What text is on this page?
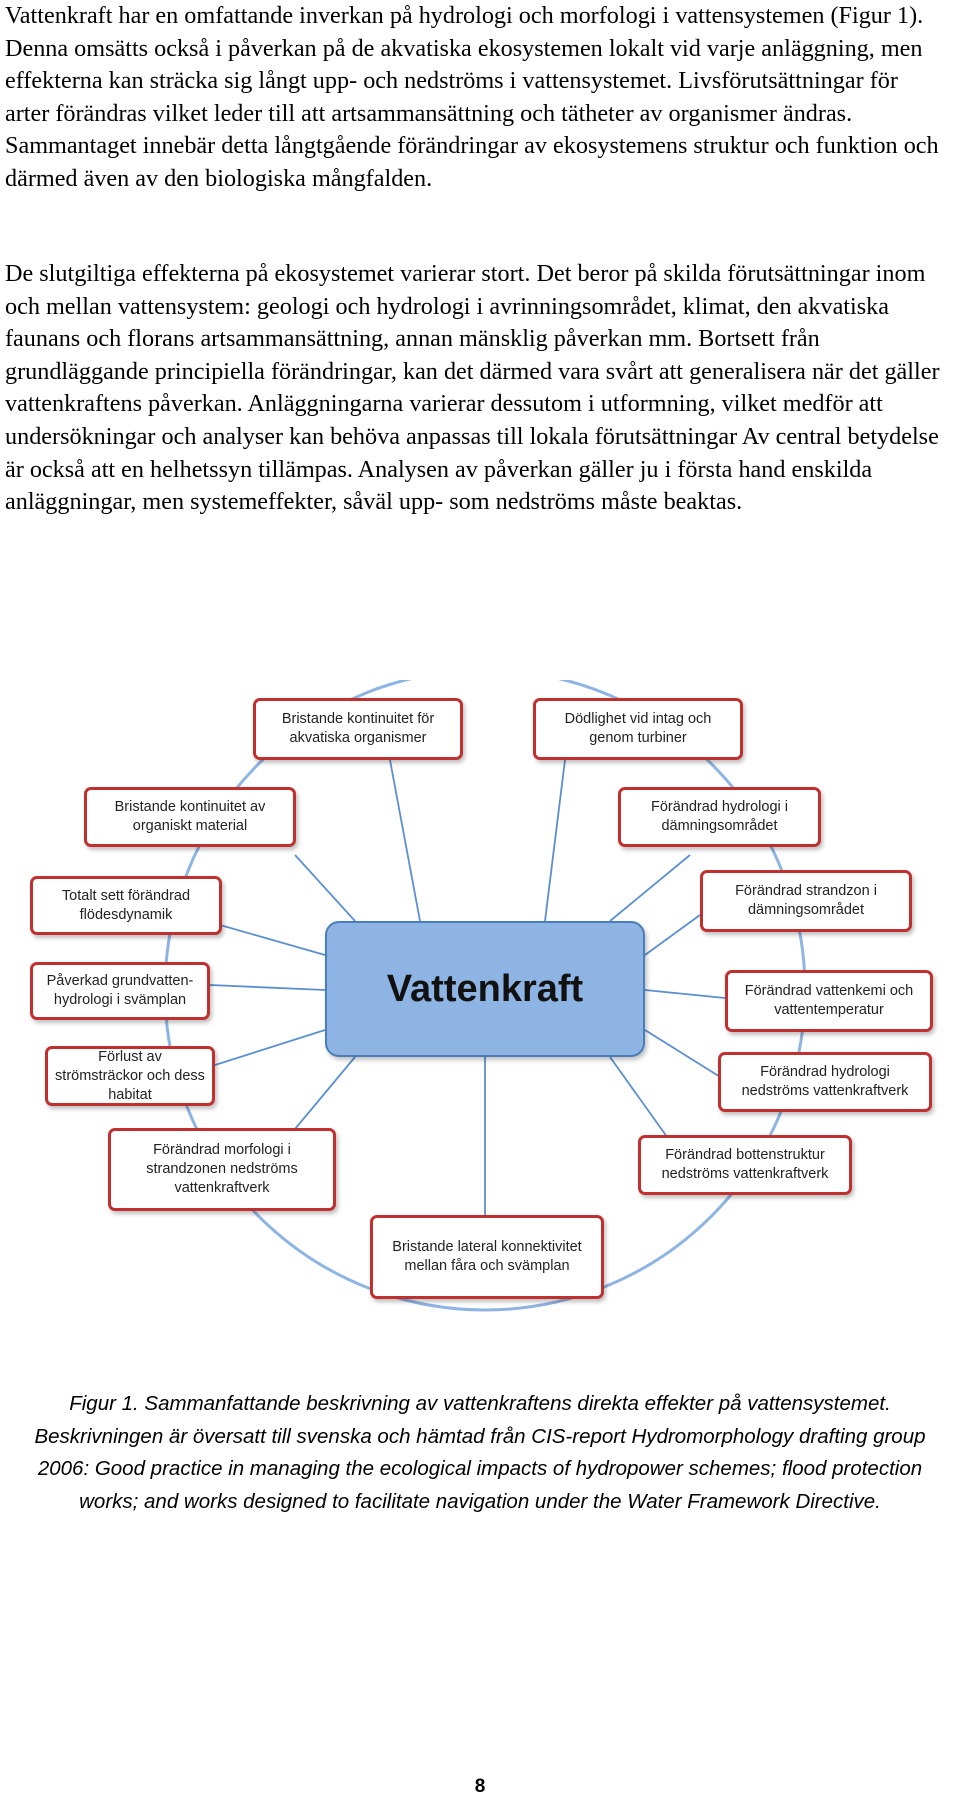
Vattenkraft har en omfattande inverkan på hydrologi och morfologi i vattensystemen (Figur 1). Denna omsätts också i påverkan på de akvatiska ekosystemen lokalt vid varje anläggning, men effekterna kan sträcka sig långt upp- och nedströms i vattensystemet. Livsförutsättningar för arter förändras vilket leder till att artsammansättning och tätheter av organismer ändras. Sammantaget innebär detta långtgående förändringar av ekosystemens struktur och funktion och därmed även av den biologiska mångfalden.

De slutgiltiga effekterna på ekosystemet varierar stort. Det beror på skilda förutsättningar inom och mellan vattensystem: geologi och hydrologi i avrinningsområdet, klimat, den akvatiska faunans och florans artsammansättning, annan mänsklig påverkan mm. Bortsett från grundläggande principiella förändringar, kan det därmed vara svårt att generalisera när det gäller vattenkraftens påverkan. Anläggningarna varierar dessutom i utformning, vilket medför att undersökningar och analyser kan behöva anpassas till lokala förutsättningar Av central betydelse är också att en helhetssyn tillämpas. Analysen av påverkan gäller ju i första hand enskilda anläggningar, men systemeffekter, såväl upp- som nedströms måste beaktas.

Bristande kontinuitet för akvatiska organismer
Dödlighet vid intag och genom turbiner
Bristande kontinuitet av organiskt material
Förändrad hydrologi i dämningsområdet
Totalt sett förändrad flödesdynamik
Förändrad strandzon i dämningsområdet
Påverkad grundvatten-hydrologi i svämplan
Förändrad vattenkemi och vattentemperatur
Förlust av strömsträckor och dess habitat
Förändrad hydrologi nedströms vattenkraftverk
Förändrad morfologi i strandzonen nedströms vattenkraftverk
Förändrad bottenstruktur nedströms vattenkraftverk
Bristande lateral konnektivitet mellan fåra och svämplan
Vattenkraft

Figur 1. Sammanfattande beskrivning av vattenkraftens direkta effekter på vattensystemet. Beskrivningen är översatt till svenska och hämtad från CIS-report Hydromorphology drafting group 2006: Good practice in managing the ecological impacts of hydropower schemes; flood protection works; and works designed to facilitate navigation under the Water Framework Directive.

8
